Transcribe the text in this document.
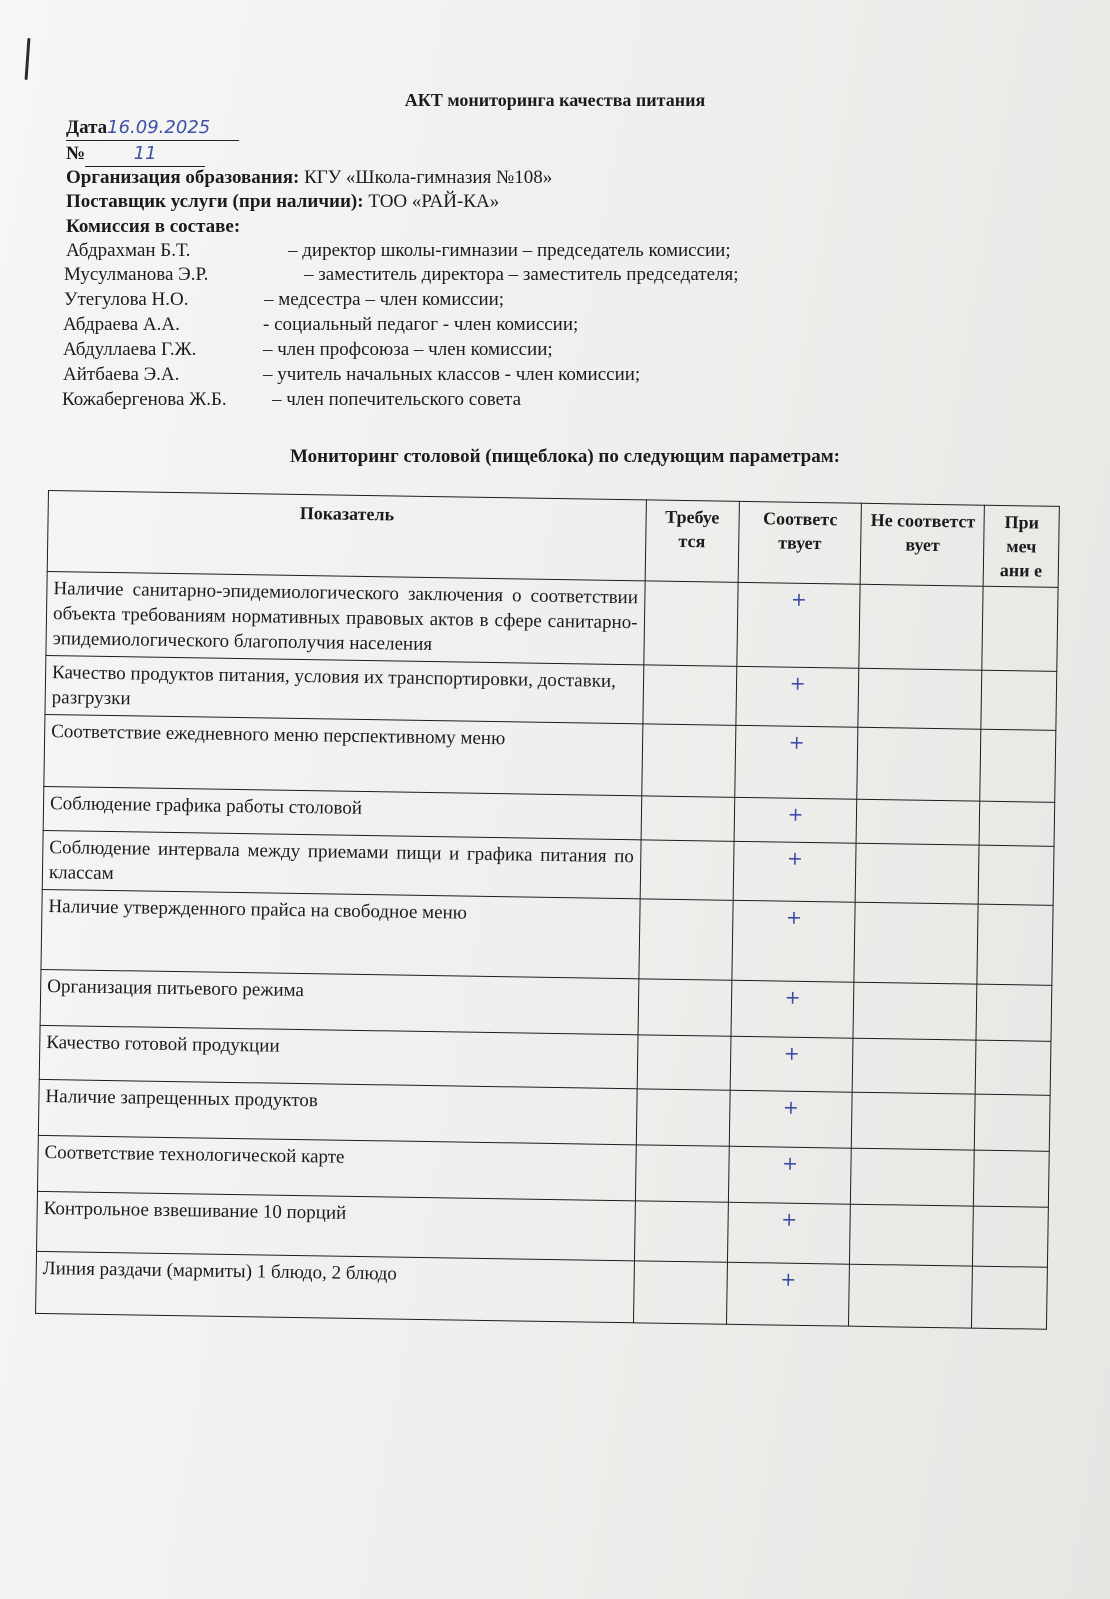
АКТ мониторинга качества питания
Дата16.09.2025
№	11
Организация образования: КГУ «Школа-гимназия №108»
Поставщик услуги (при наличии): ТОО «РАЙ-КА»
Комиссия в составе:
Абдрахман Б.Т.	– директор школы-гимназии – председатель комиссии;
Мусулманова Э.Р.	– заместитель директора – заместитель председателя;
Утегулова Н.О.	– медсестра – член комиссии;
Абдраева А.А.	- социальный педагог - член комиссии;
Абдуллаева Г.Ж.	– член профсоюза – член комиссии;
Айтбаева Э.А.	– учитель начальных классов - член комиссии;
Кожабергенова Ж.Б. – член попечительского совета
Мониторинг столовой (пищеблока) по следующим параметрам:
Показатель	Требуе тся	Соответс твует	Не соответст вует	При меч ани е
Наличие санитарно-эпидемиологического заключения о соответствии объекта требованиям нормативных правовых актов в сфере санитарно-эпидемиологического благополучия населения		+		
Качество продуктов питания, условия их транспортировки, доставки, разгрузки		+		
Соответствие ежедневного меню перспективному меню		+		
Соблюдение графика работы столовой		+		
Соблюдение интервала между приемами пищи и графика питания по классам		+		
Наличие утвержденного прайса на свободное меню		+		
Организация питьевого режима		+		
Качество готовой продукции		+		
Наличие запрещенных продуктов		+		
Соответствие технологической карте		+		
Контрольное взвешивание 10 порций		+		
Линия раздачи (мармиты) 1 блюдо, 2 блюдо		+		
